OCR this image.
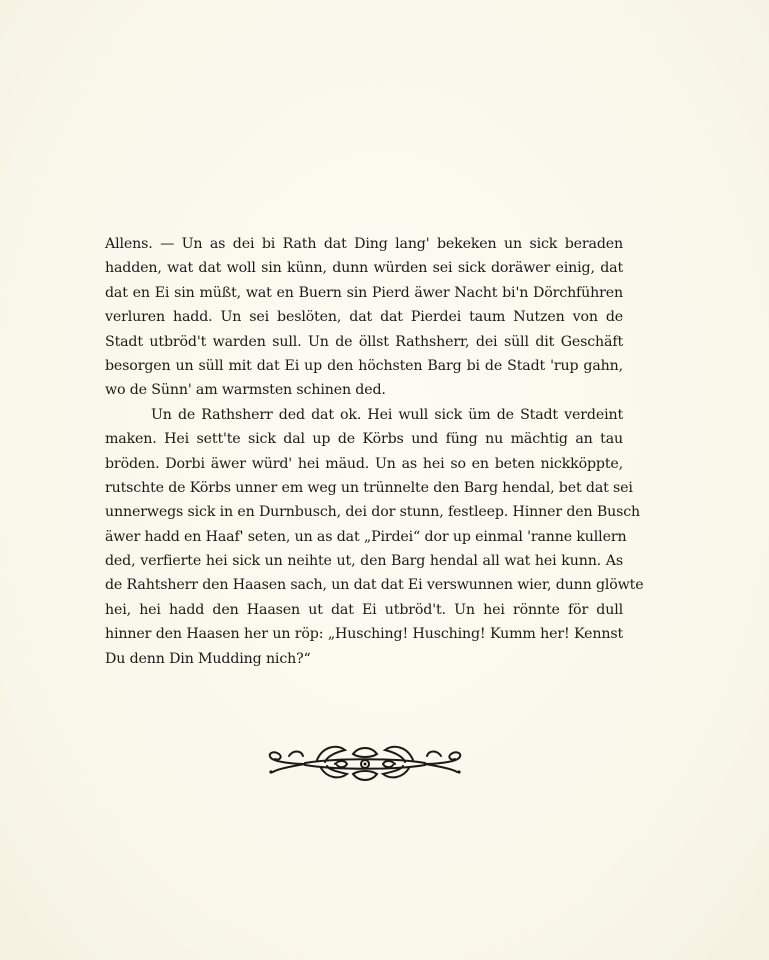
Allens. — Un as dei bi Rath dat Ding lang' bekeken un sick beraden
hadden, wat dat woll sin künn, dunn würden sei sick doräwer einig, dat
dat en Ei sin müßt, wat en Buern sin Pierd äwer Nacht bi'n Dörchführen
verluren hadd. Un sei beslöten, dat dat Pierdei taum Nutzen von de
Stadt utbröd't warden sull. Un de öllst Rathsherr, dei süll dit Geschäft
besorgen un süll mit dat Ei up den höchsten Barg bi de Stadt 'rup gahn,
wo de Sünn' am warmsten schinen ded.
Un de Rathsherr ded dat ok. Hei wull sick üm de Stadt verdeint
maken. Hei sett'te sick dal up de Körbs und füng nu mächtig an tau
bröden. Dorbi äwer würd' hei mäud. Un as hei so en beten nickköppte,
rutschte de Körbs unner em weg un trünnelte den Barg hendal, bet dat sei
unnerwegs sick in en Durnbusch, dei dor stunn, festleep. Hinner den Busch
äwer hadd en Haaf' seten, un as dat „Pirdei“ dor up einmal 'ranne kullern
ded, verfierte hei sick un neihte ut, den Barg hendal all wat hei kunn. As
de Rahtsherr den Haasen sach, un dat dat Ei verswunnen wier, dunn glöwte
hei, hei hadd den Haasen ut dat Ei utbröd't. Un hei rönnte för dull
hinner den Haasen her un röp: „Husching! Husching! Kumm her! Kennst
Du denn Din Mudding nich?“
